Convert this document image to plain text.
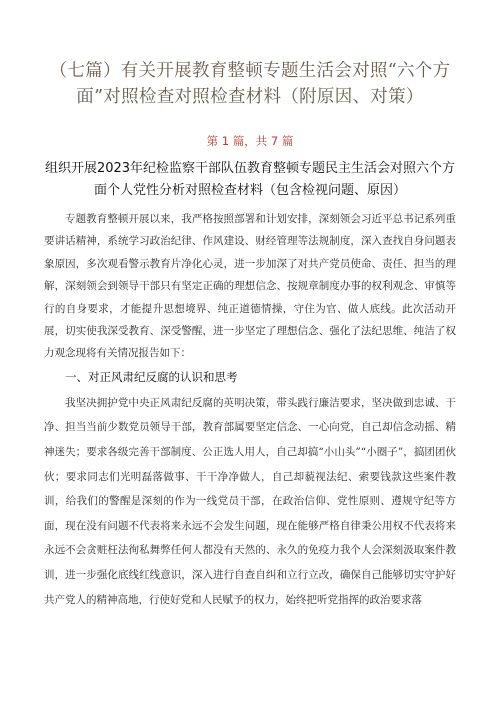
（七篇）有关开展教育整顿专题生活会对照“六个方面”对照检查对照检查材料（附原因、对策）
第 1 篇，共 7 篇
组织开展2023年纪检监察干部队伍教育整顿专题民主生活会对照六个方面个人党性分析对照检查材料（包含检视问题、原因）

专题教育整顿开展以来，我严格按照部署和计划安排，深刻领会习近平总书记系列重要讲话精神，系统学习政治纪律、作风建设、财经管理等法规制度，深入查找自身问题表象原因，多次观看警示教育片净化心灵，进一步加深了对共产党员使命、责任、担当的理解，深刻领会到领导干部只有坚定正确的理想信念、按规章制度办事的权利观念、审慎等行的自身要求，才能提升思想境界、纯正道德情操，守住为官、做人底线。此次活动开展，切实使我深受教育、深受警醒，进一步坚定了理想信念、强化了法纪思维、纯洁了权力观念现将有关情况报告如下：

一、对正风肃纪反腐的认识和思考

我坚决拥护党中央正风肃纪反腐的英明决策，带头践行廉洁要求，坚决做到忠诚、干净、担当当前少数党员领导干部，教育部属要坚定信念、一心向党，自己却信念动摇、精神迷失；要求各级完善干部制度、公正选人用人，自己却搞“小山头”“小圈子”，搞团团伙伙；要求同志们光明磊落做事、干干净净做人，自己却藐视法纪、索要钱款这些案件教训，给我们的警醒是深刻的作为一线党员干部，在政治信仰、党性原则、遵规守纪等方面，现在没有问题不代表将来永远不会发生问题，现在能够严格自律秉公用权不代表将来永远不会贪赃枉法徇私舞弊任何人都没有天然的、永久的免疫力我个人会深刻汲取案件教训，进一步强化底线红线意识，深入进行自查自纠和立行立改，确保自己能够切实守护好共产党人的精神高地，行使好党和人民赋予的权力，始终把听党指挥的政治要求落
